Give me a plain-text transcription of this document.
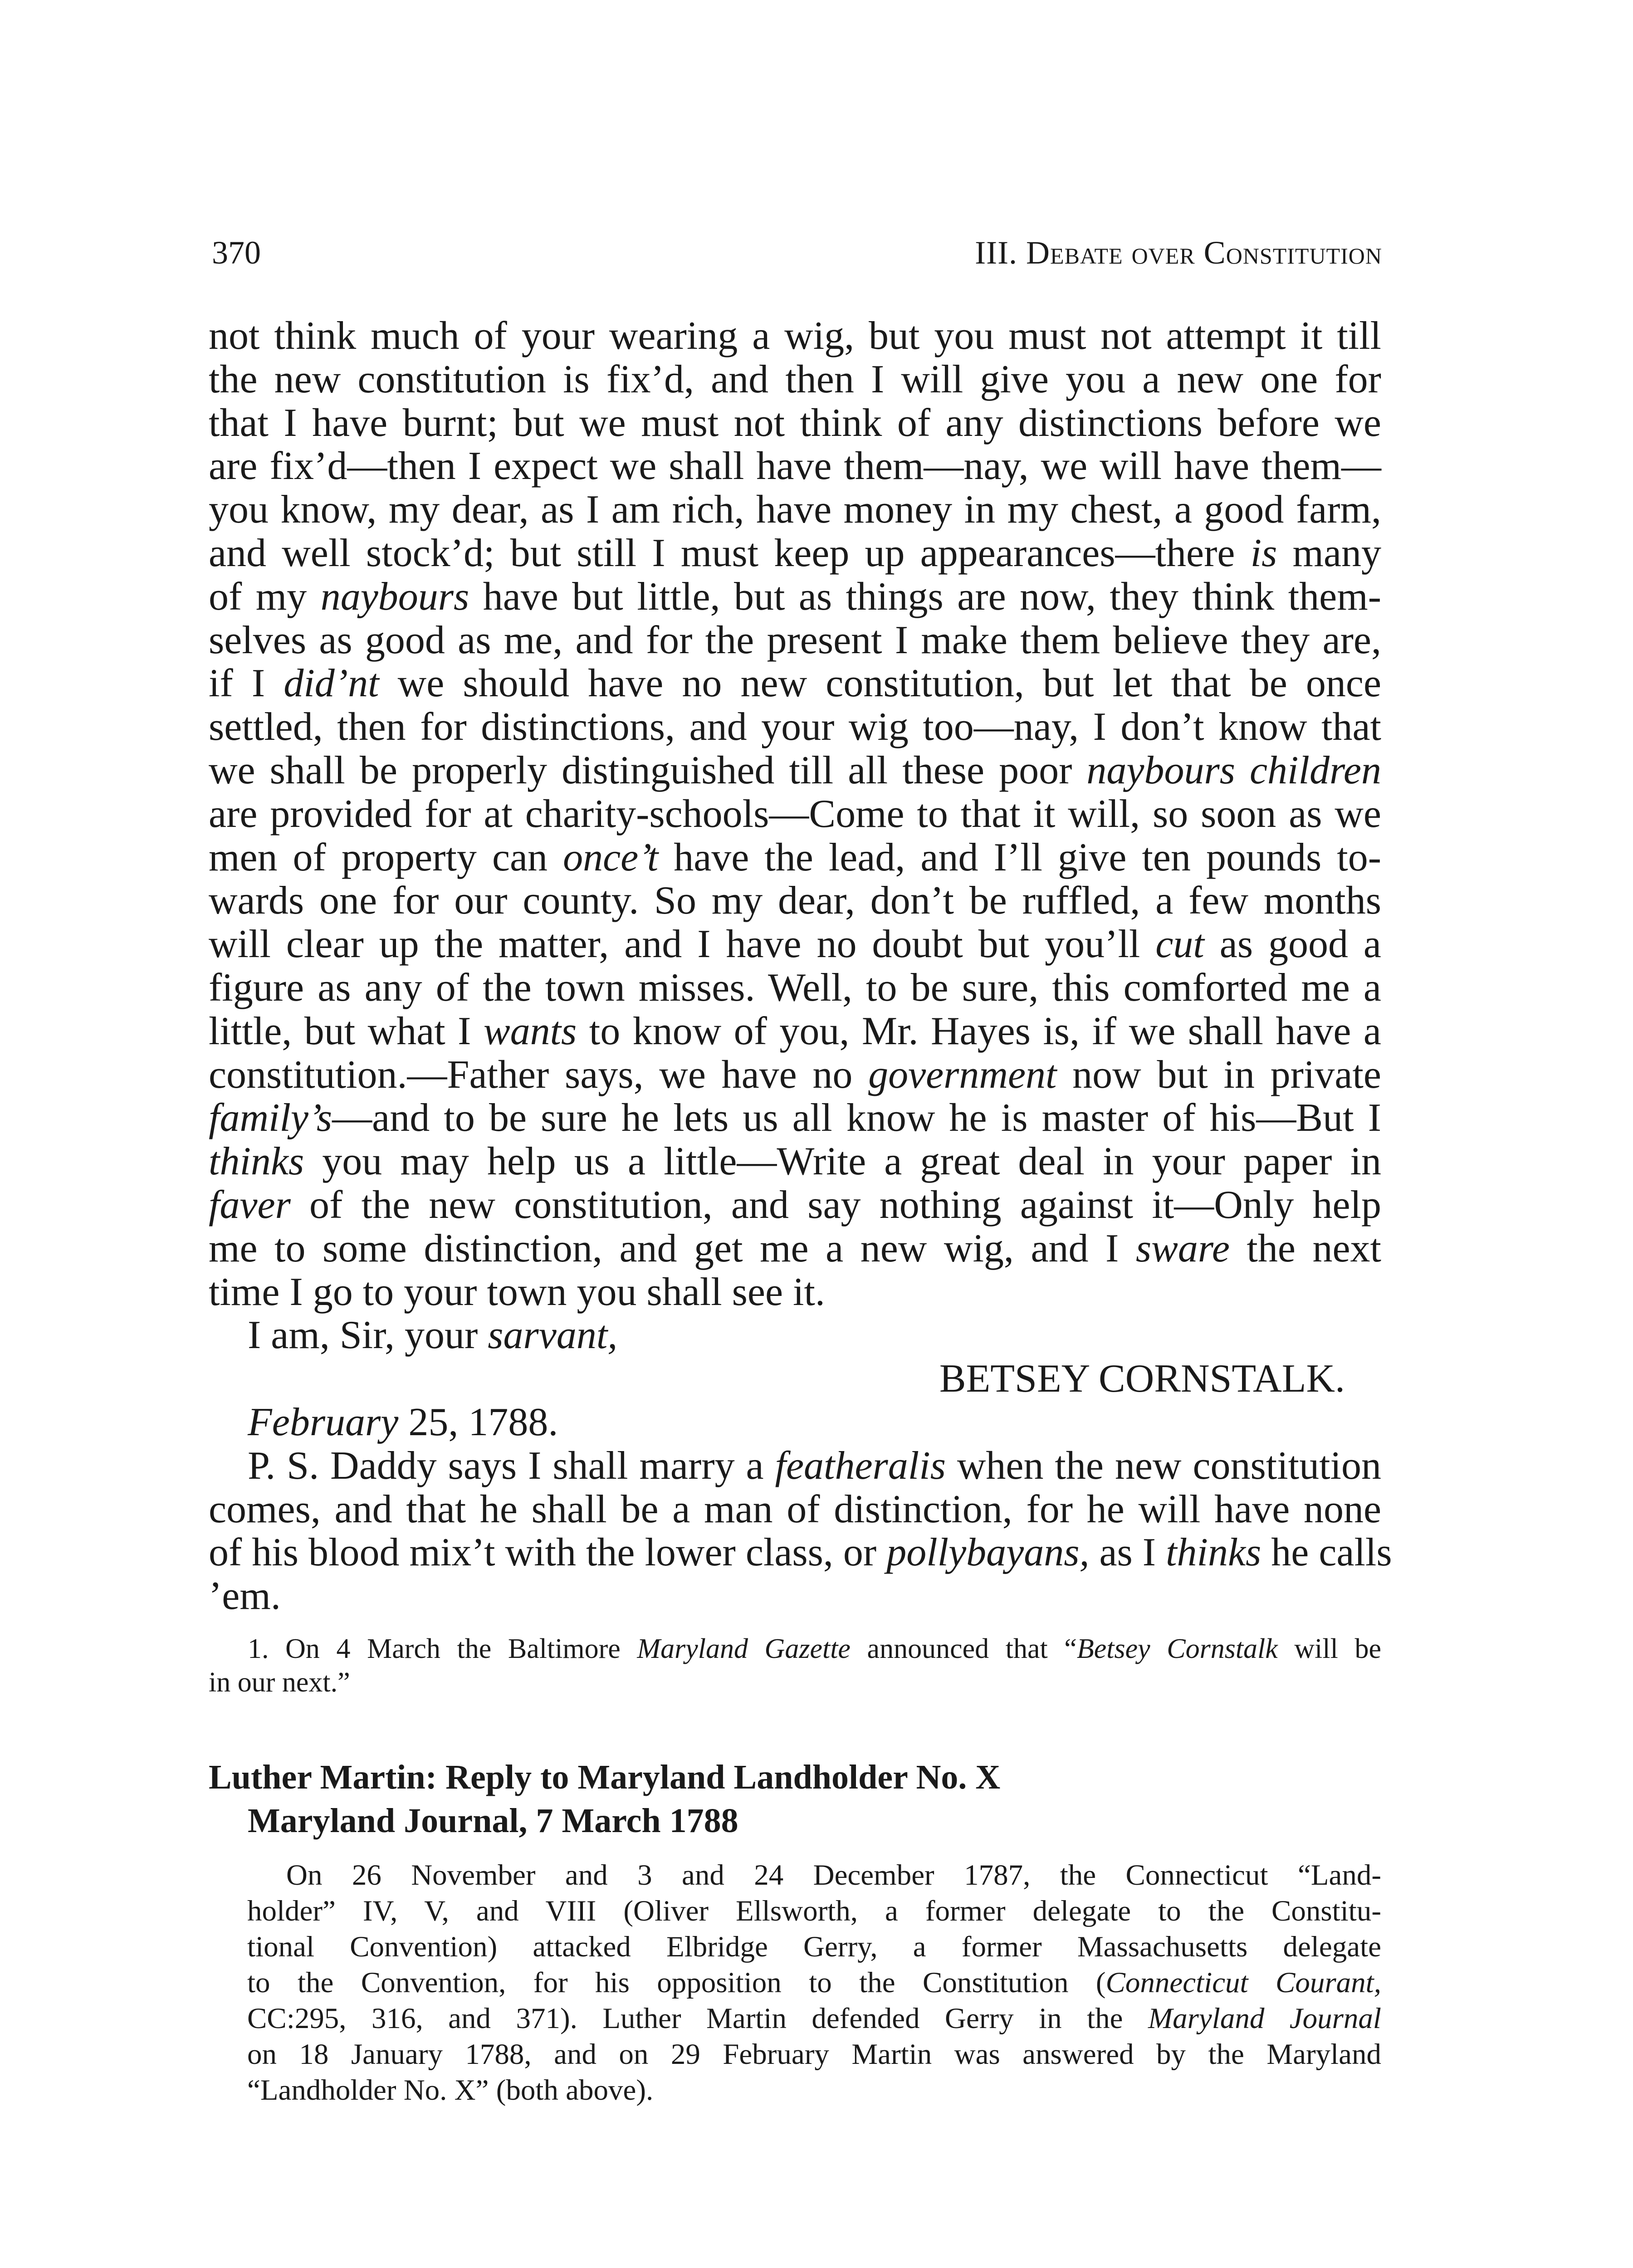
370	III. Debate over Constitution
not think much of your wearing a wig, but you must not attempt it till
the new constitution is fix’d, and then I will give you a new one for
that I have burnt; but we must not think of any distinctions before we
are fix’d—then I expect we shall have them—nay, we will have them—
you know, my dear, as I am rich, have money in my chest, a good farm,
and well stock’d; but still I must keep up appearances—there is many
of my naybours have but little, but as things are now, they think them-
selves as good as me, and for the present I make them believe they are,
if I did’nt we should have no new constitution, but let that be once
settled, then for distinctions, and your wig too—nay, I don’t know that
we shall be properly distinguished till all these poor naybours children
are provided for at charity-schools—Come to that it will, so soon as we
men of property can once’t have the lead, and I’ll give ten pounds to-
wards one for our county. So my dear, don’t be ruffled, a few months
will clear up the matter, and I have no doubt but you’ll cut as good a
figure as any of the town misses. Well, to be sure, this comforted me a
little, but what I wants to know of you, Mr. Hayes is, if we shall have a
constitution.—Father says, we have no government now but in private
family’s—and to be sure he lets us all know he is master of his—But I
thinks you may help us a little—Write a great deal in your paper in
faver of the new constitution, and say nothing against it—Only help
me to some distinction, and get me a new wig, and I sware the next
time I go to your town you shall see it.
I am, Sir, your sarvant,
BETSEY CORNSTALK.
February 25, 1788.
P. S. Daddy says I shall marry a featheralis when the new constitution
comes, and that he shall be a man of distinction, for he will have none
of his blood mix’t with the lower class, or pollybayans, as I thinks he calls
’em.
1. On 4 March the Baltimore Maryland Gazette announced that “Betsey Cornstalk will be
in our next.”
Luther Martin: Reply to Maryland Landholder No. X
Maryland Journal, 7 March 1788
On 26 November and 3 and 24 December 1787, the Connecticut “Land-
holder” IV, V, and VIII (Oliver Ellsworth, a former delegate to the Constitu-
tional Convention) attacked Elbridge Gerry, a former Massachusetts delegate
to the Convention, for his opposition to the Constitution (Connecticut Courant,
CC:295, 316, and 371). Luther Martin defended Gerry in the Maryland Journal
on 18 January 1788, and on 29 February Martin was answered by the Maryland
“Landholder No. X” (both above).
